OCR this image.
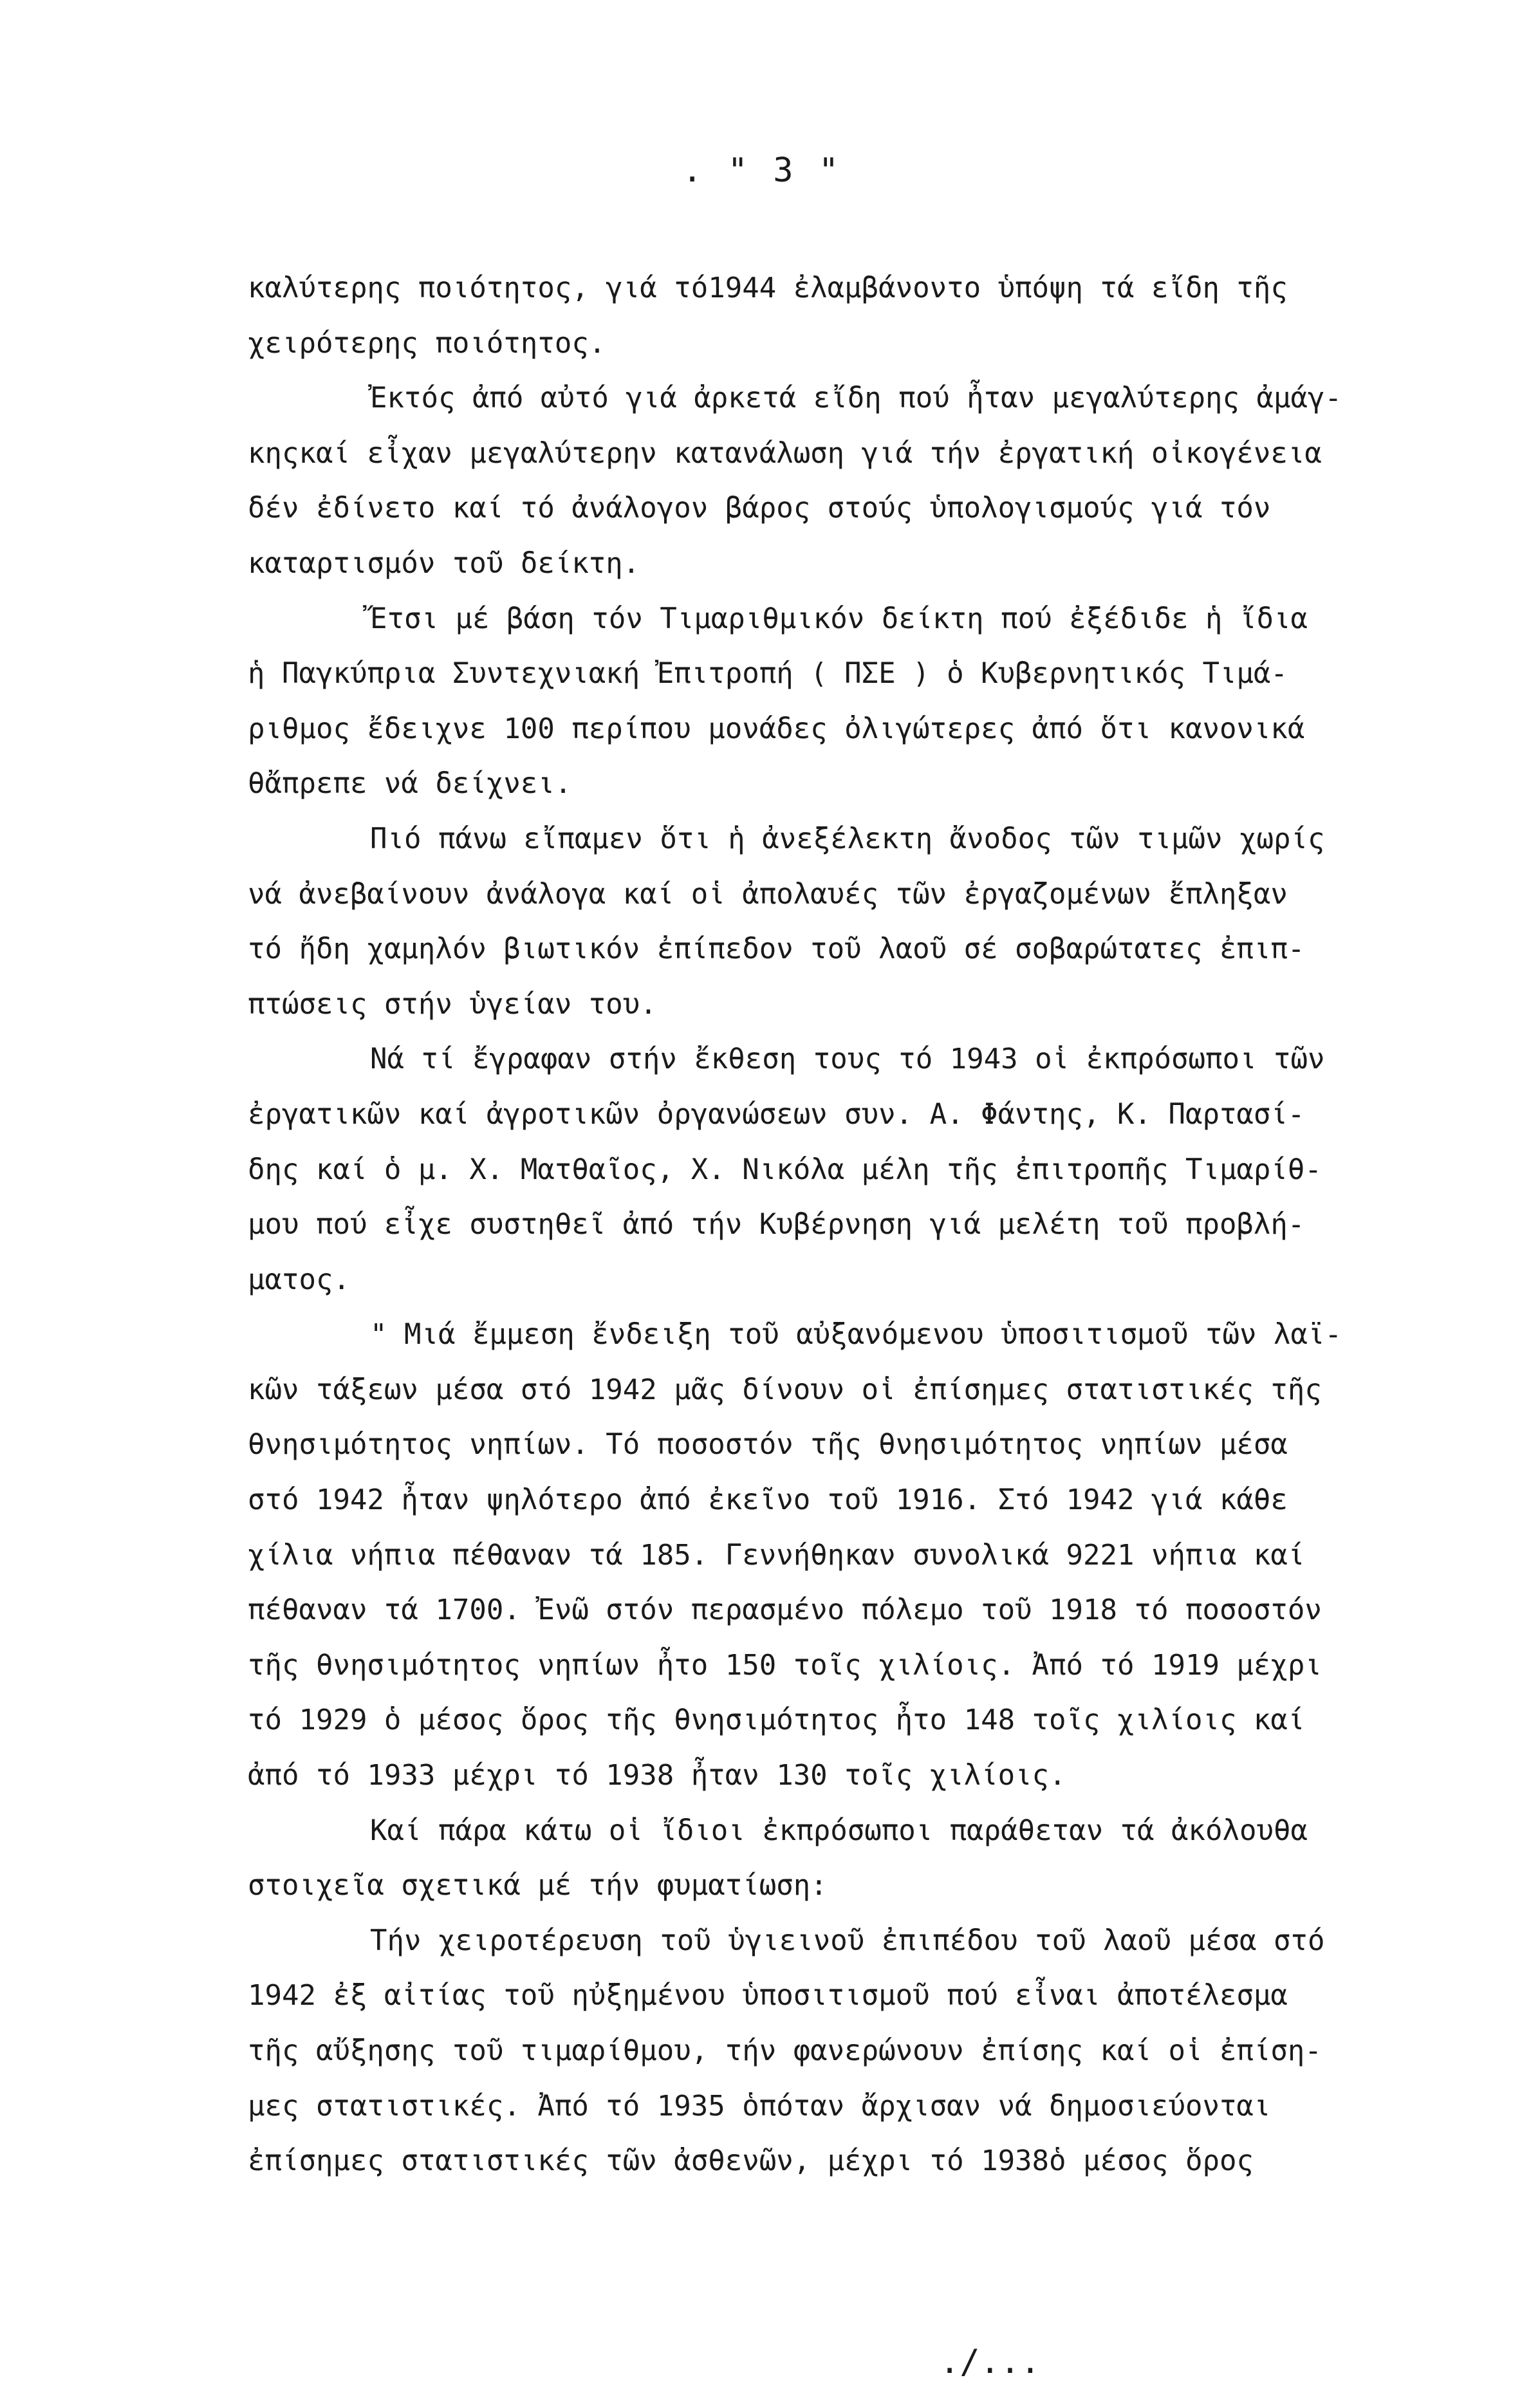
. " 3 "
καλύτερης ποιότητος, γιά τό1944 ἐλαμβάνοντο ὑπόψη τά εἴδη τῆς
χειρότερης ποιότητος.
Ἐκτός ἀπό αὐτό γιά ἀρκετά εἴδη πού ἦταν μεγαλύτερης ἀμάγ-
κηςκαί εἶχαν μεγαλύτερην κατανάλωση γιά τήν ἐργατική οἰκογένεια
δέν ἐδίνετο καί τό ἀνάλογον βάρος στούς ὑπολογισμούς γιά τόν
καταρτισμόν τοῦ δείκτη.
Ἔτσι μέ βάση τόν Τιμαριθμικόν δείκτη πού ἐξέδιδε ἡ ἴδια
ἡ Παγκύπρια Συντεχνιακή Ἐπιτροπή ( ΠΣΕ ) ὁ Κυβερνητικός Τιμά-
ριθμος ἔδειχνε 100 περίπου μονάδες ὀλιγώτερες ἀπό ὅτι κανονικά
θἄπρεπε νά δείχνει.
Πιό πάνω εἴπαμεν ὅτι ἡ ἀνεξέλεκτη ἄνοδος τῶν τιμῶν χωρίς
νά ἀνεβαίνουν ἀνάλογα καί οἱ ἀπολαυές τῶν ἐργαζομένων ἔπληξαν
τό ἤδη χαμηλόν βιωτικόν ἐπίπεδον τοῦ λαοῦ σέ σοβαρώτατες ἐπιπ-
πτώσεις στήν ὑγείαν του.
Νά τί ἔγραφαν στήν ἔκθεση τους τό 1943 οἱ ἐκπρόσωποι τῶν
ἐργατικῶν καί ἀγροτικῶν ὀργανώσεων συν. Α. Φάντης, Κ. Παρτασί-
δης καί ὁ μ. Χ. Ματθαῖος, Χ. Νικόλα μέλη τῆς ἐπιτροπῆς Τιμαρίθ-
μου πού εἶχε συστηθεῖ ἀπό τήν Κυβέρνηση γιά μελέτη τοῦ προβλή-
ματος.
" Μιά ἔμμεση ἔνδειξη τοῦ αὐξανόμενου ὑποσιτισμοῦ τῶν λαϊ-
κῶν τάξεων μέσα στό 1942 μᾶς δίνουν οἱ ἐπίσημες στατιστικές τῆς
θνησιμότητος νηπίων. Τό ποσοστόν τῆς θνησιμότητος νηπίων μέσα
στό 1942 ἦταν ψηλότερο ἀπό ἐκεῖνο τοῦ 1916. Στό 1942 γιά κάθε
χίλια νήπια πέθαναν τά 185. Γεννήθηκαν συνολικά 9221 νήπια καί
πέθαναν τά 1700. Ἐνῶ στόν περασμένο πόλεμο τοῦ 1918 τό ποσοστόν
τῆς θνησιμότητος νηπίων ἦτο 150 τοῖς χιλίοις. Ἀπό τό 1919 μέχρι
τό 1929 ὁ μέσος ὅρος τῆς θνησιμότητος ἦτο 148 τοῖς χιλίοις καί
ἀπό τό 1933 μέχρι τό 1938 ἦταν 130 τοῖς χιλίοις.
Καί πάρα κάτω οἱ ἴδιοι ἐκπρόσωποι παράθεταν τά ἀκόλουθα
στοιχεῖα σχετικά μέ τήν φυματίωση:
Τήν χειροτέρευση τοῦ ὑγιεινοῦ ἐπιπέδου τοῦ λαοῦ μέσα στό
1942 ἐξ αἰτίας τοῦ ηὐξημένου ὑποσιτισμοῦ πού εἶναι ἀποτέλεσμα
τῆς αὔξησης τοῦ τιμαρίθμου, τήν φανερώνουν ἐπίσης καί οἱ ἐπίση-
μες στατιστικές. Ἀπό τό 1935 ὁπόταν ἄρχισαν νά δημοσιεύονται
ἐπίσημες στατιστικές τῶν ἀσθενῶν, μέχρι τό 1938ὁ μέσος ὅρος
./...
